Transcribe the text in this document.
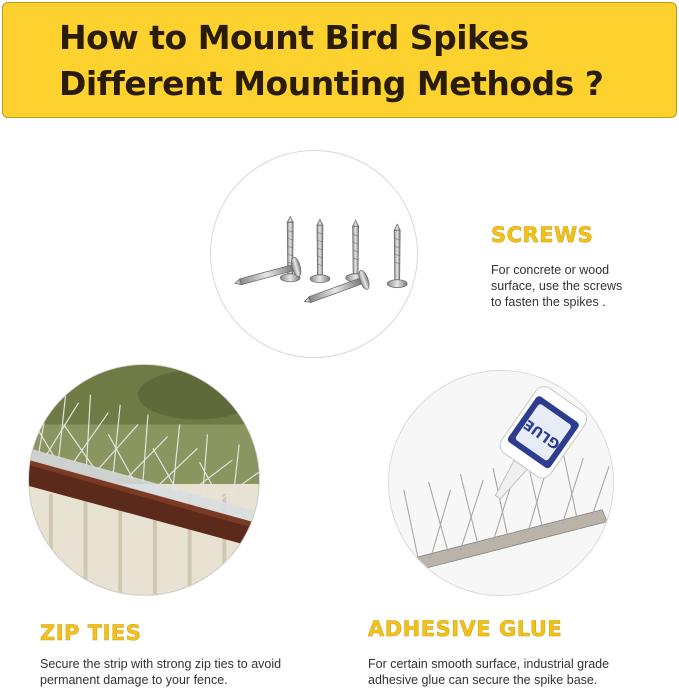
How to Mount Bird Spikes
Different Mounting Methods ?
SCREWS
For concrete or wood
surface, use the screws
to fasten the spikes .
ZIP TIES
Secure the strip with strong zip ties to avoid
permanent damage to your fence.
GLUE
ADHESIVE GLUE
For certain smooth surface, industrial grade
adhesive glue can secure the spike base.
